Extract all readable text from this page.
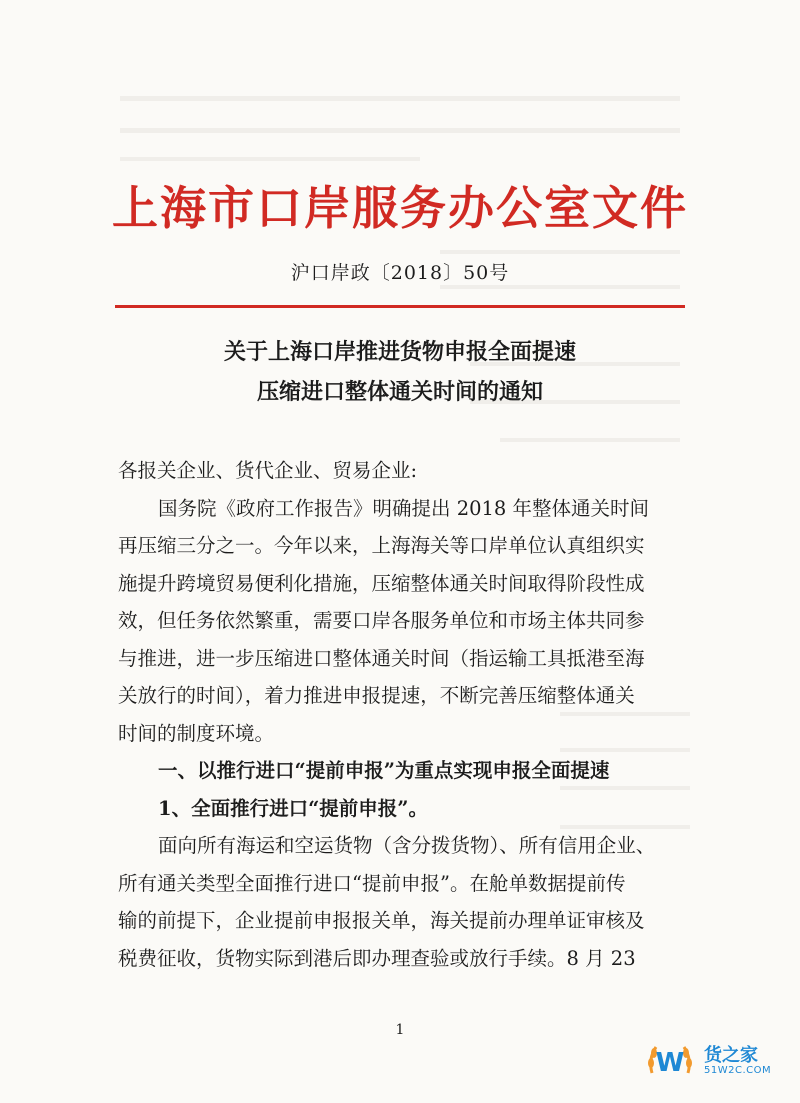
上海市口岸服务办公室文件
沪口岸政〔2018〕50号
关于上海口岸推进货物申报全面提速
压缩进口整体通关时间的通知
各报关企业、货代企业、贸易企业:
国务院《政府工作报告》明确提出 2018 年整体通关时间
再压缩三分之一。今年以来，上海海关等口岸单位认真组织实
施提升跨境贸易便利化措施，压缩整体通关时间取得阶段性成
效，但任务依然繁重，需要口岸各服务单位和市场主体共同参
与推进，进一步压缩进口整体通关时间（指运输工具抵港至海
关放行的时间），着力推进申报提速，不断完善压缩整体通关
时间的制度环境。
一、以推行进口“提前申报”为重点实现申报全面提速
1、全面推行进口“提前申报”。
面向所有海运和空运货物（含分拨货物）、所有信用企业、
所有通关类型全面推行进口“提前申报”。在舱单数据提前传
输的前提下，企业提前申报报关单，海关提前办理单证审核及
税费征收，货物实际到港后即办理查验或放行手续。8 月 23
1
W 货之家
51W2C.COM
